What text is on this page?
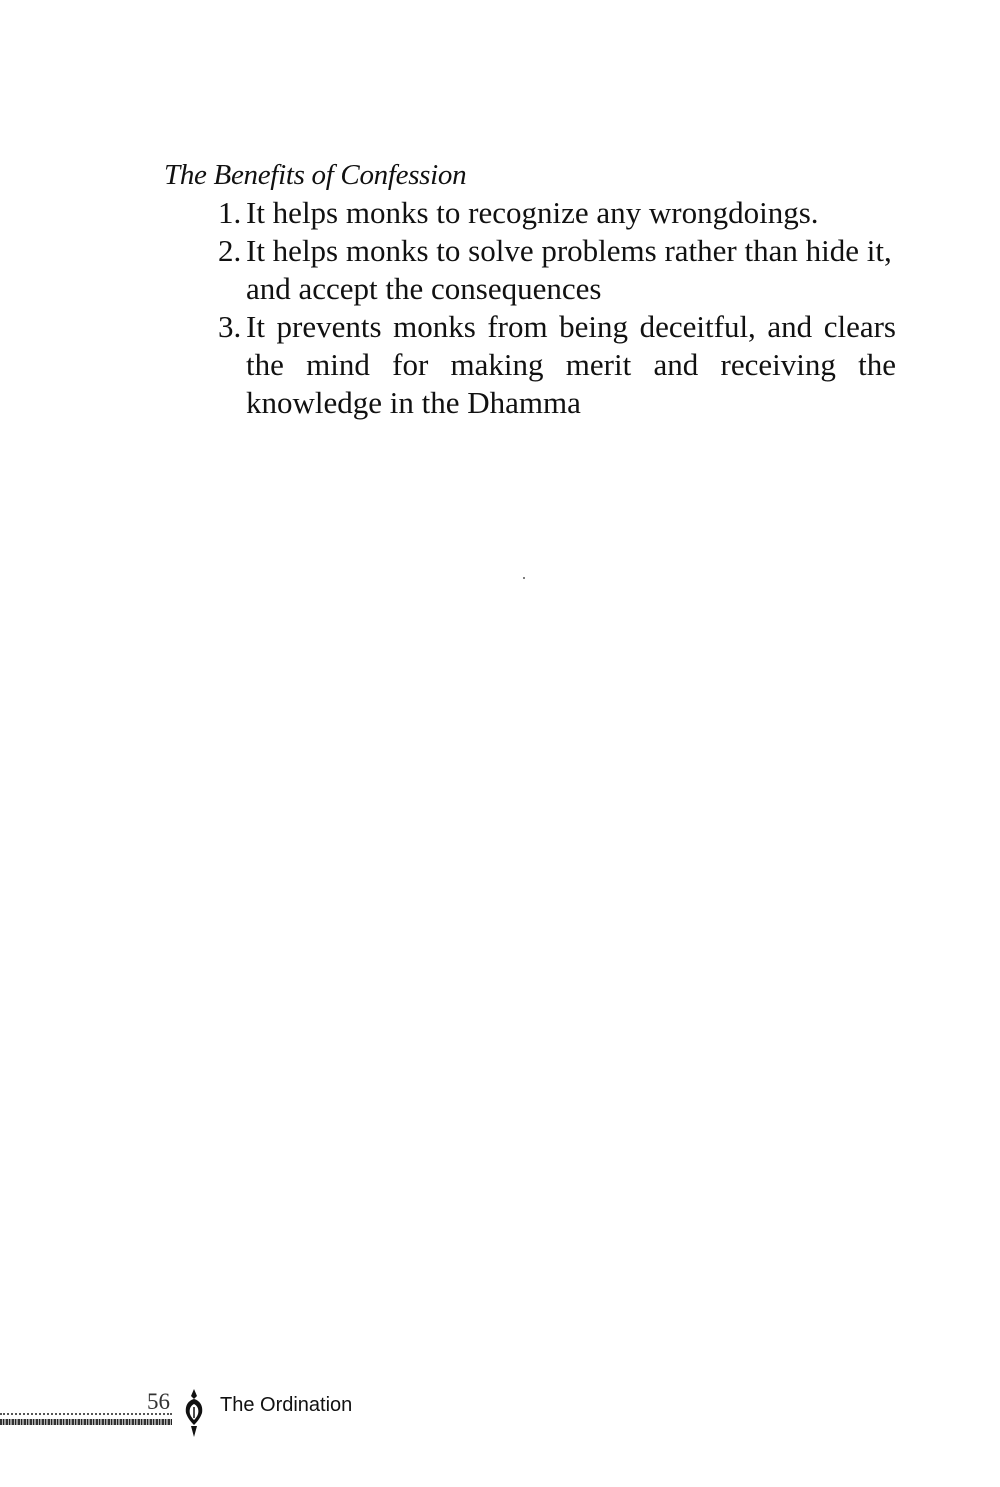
The Benefits of Confession
1. It helps monks to recognize any wrongdoings.
2. It helps monks to solve problems rather than hide it, and accept the consequences
3. It prevents monks from being deceitful, and clears the mind for making merit and receiving the knowledge in the Dhamma
56	The Ordination
